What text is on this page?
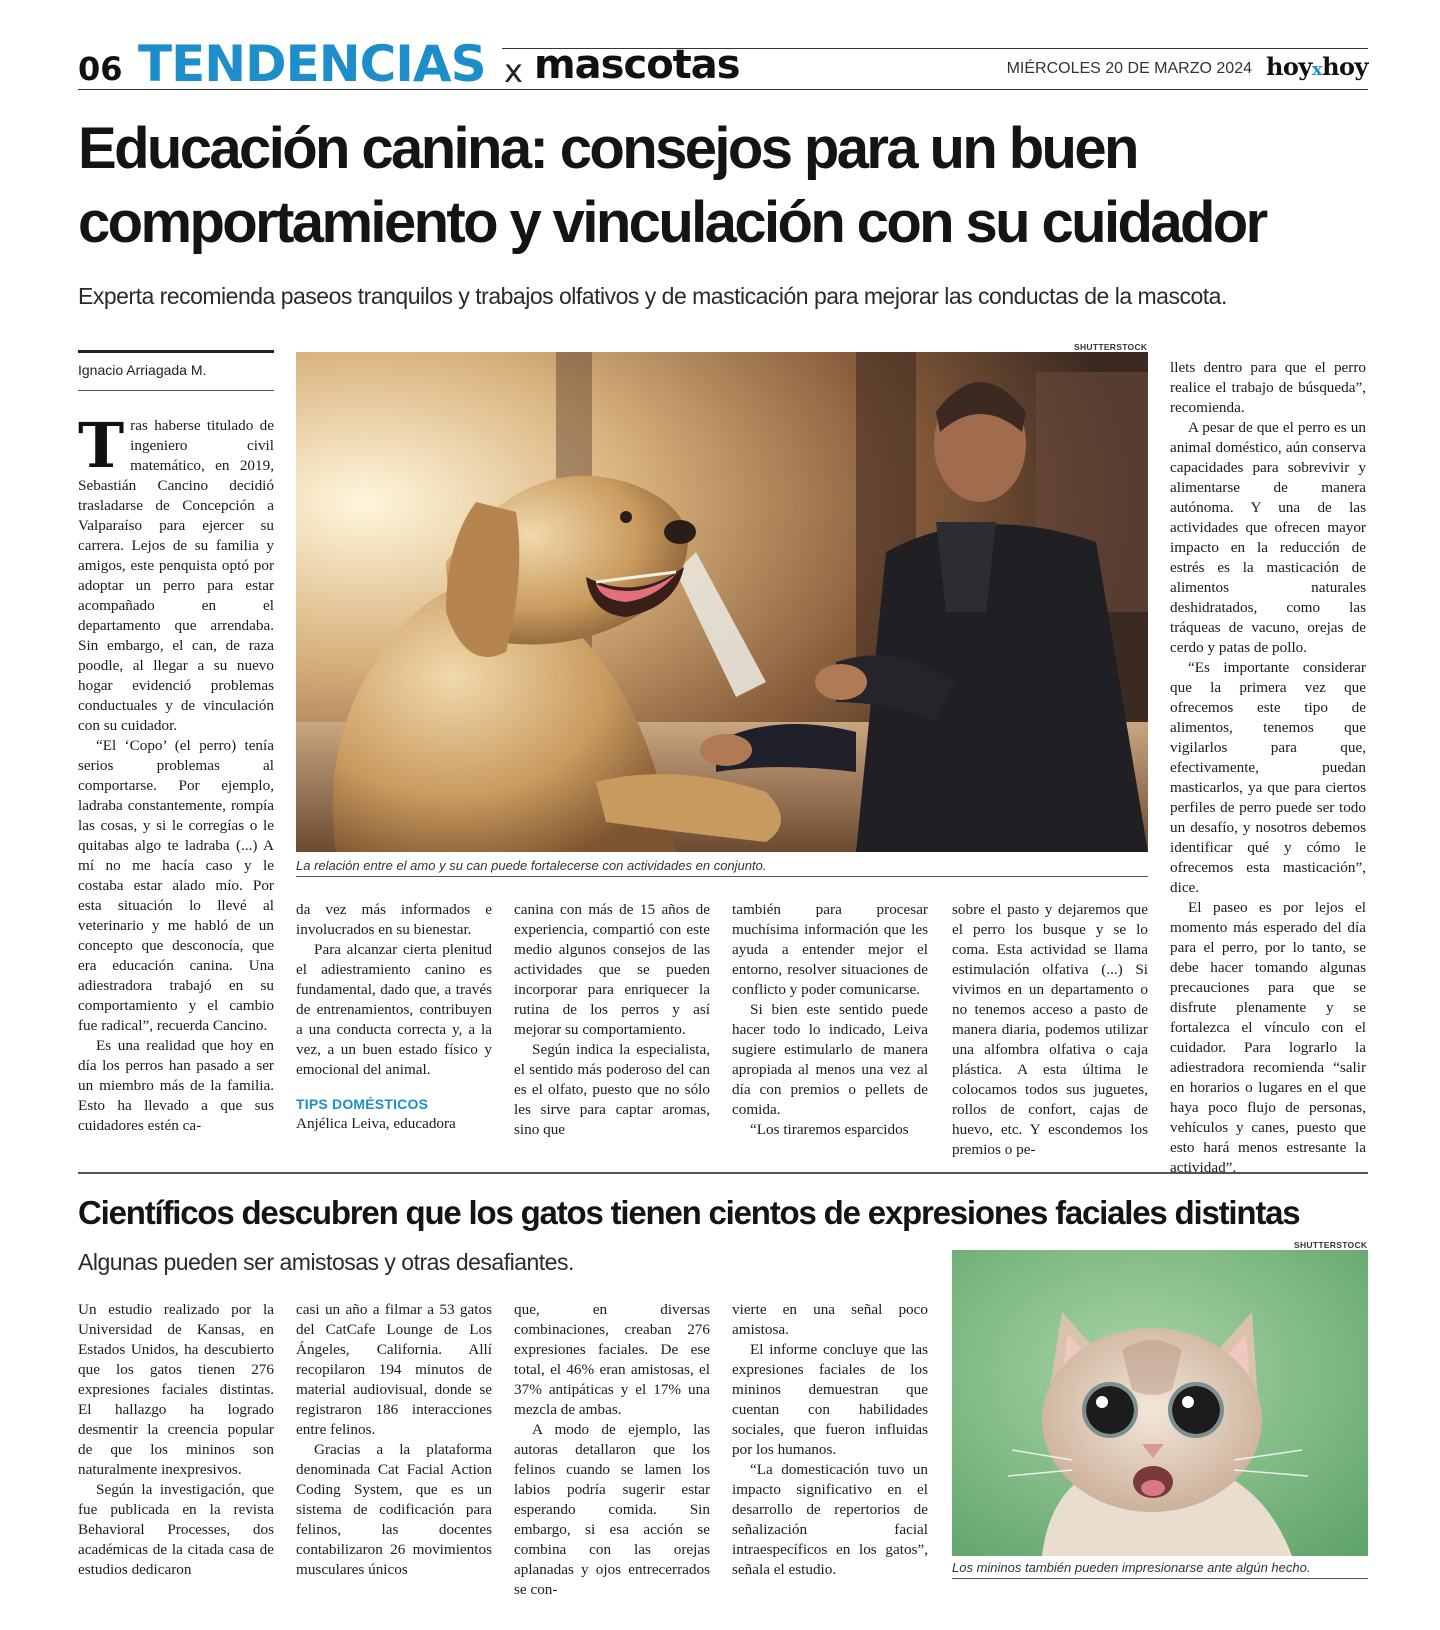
06 TENDENCIAS x mascotas	MIÉRCOLES 20 DE MARZO 2024 hoyxhoy
Educación canina: consejos para un buen
comportamiento y vinculación con su cuidador
Experta recomienda paseos tranquilos y trabajos olfativos y de masticación para mejorar las conductas de la mascota.
Ignacio Arriagada M.

Tras haberse titulado de ingeniero civil matemático, en 2019, Sebastián Cancino decidió trasladarse de Concepción a Valparaíso para ejercer su carrera. Lejos de su familia y amigos, este penquista optó por adoptar un perro para estar acompañado en el departamento que arrendaba. Sin embargo, el can, de raza poodle, al llegar a su nuevo hogar evidenció problemas conductuales y de vinculación con su cuidador.

“El ‘Copo’ (el perro) tenía serios problemas al comportarse. Por ejemplo, ladraba constantemente, rompía las cosas, y si le corregías o le quitabas algo te ladraba (...) A mí no me hacía caso y le costaba estar alado mío. Por esta situación lo llevé al veterinario y me habló de un concepto que desconocía, que era educación canina. Una adiestradora trabajó en su comportamiento y el cambio fue radical”, recuerda Cancino.

Es una realidad que hoy en día los perros han pasado a ser un miembro más de la familia. Esto ha llevado a que sus cuidadores estén ca-

SHUTTERSTOCK
La relación entre el amo y su can puede fortalecerse con actividades en conjunto.

da vez más informados e involucrados en su bienestar.

Para alcanzar cierta plenitud el adiestramiento canino es fundamental, dado que, a través de entrenamientos, contribuyen a una conducta correcta y, a la vez, a un buen estado físico y emocional del animal.

TIPS DOMÉSTICOS

Anjélica Leiva, educadora

canina con más de 15 años de experiencia, compartió con este medio algunos consejos de las actividades que se pueden incorporar para enriquecer la rutina de los perros y así mejorar su comportamiento.

Según indica la especialista, el sentido más poderoso del can es el olfato, puesto que no sólo les sirve para captar aromas, sino que

también para procesar muchísima información que les ayuda a entender mejor el entorno, resolver situaciones de conflicto y poder comunicarse.

Si bien este sentido puede hacer todo lo indicado, Leiva sugiere estimularlo de manera apropiada al menos una vez al día con premios o pellets de comida.

“Los tiraremos esparcidos

sobre el pasto y dejaremos que el perro los busque y se lo coma. Esta actividad se llama estimulación olfativa (...) Si vivimos en un departamento o no tenemos acceso a pasto de manera diaria, podemos utilizar una alfombra olfativa o caja plástica. A esta última le colocamos todos sus juguetes, rollos de confort, cajas de huevo, etc. Y escondemos los premios o pe-

llets dentro para que el perro realice el trabajo de búsqueda”, recomienda.

A pesar de que el perro es un animal doméstico, aún conserva capacidades para sobrevivir y alimentarse de manera autónoma. Y una de las actividades que ofrecen mayor impacto en la reducción de estrés es la masticación de alimentos naturales deshidratados, como las tráqueas de vacuno, orejas de cerdo y patas de pollo.

“Es importante considerar que la primera vez que ofrecemos este tipo de alimentos, tenemos que vigilarlos para que, efectivamente, puedan masticarlos, ya que para ciertos perfiles de perro puede ser todo un desafío, y nosotros debemos identificar qué y cómo le ofrecemos esta masticación”, dice.

El paseo es por lejos el momento más esperado del día para el perro, por lo tanto, se debe hacer tomando algunas precauciones para que se disfrute plenamente y se fortalezca el vínculo con el cuidador. Para lograrlo la adiestradora recomienda “salir en horarios o lugares en el que haya poco flujo de personas, vehículos y canes, puesto que esto hará menos estresante la actividad”.

Científicos descubren que los gatos tienen cientos de expresiones faciales distintas
Algunas pueden ser amistosas y otras desafiantes.

Un estudio realizado por la Universidad de Kansas, en Estados Unidos, ha descubierto que los gatos tienen 276 expresiones faciales distintas. El hallazgo ha logrado desmentir la creencia popular de que los mininos son naturalmente inexpresivos.

Según la investigación, que fue publicada en la revista Behavioral Processes, dos académicas de la citada casa de estudios dedicaron

casi un año a filmar a 53 gatos del CatCafe Lounge de Los Ángeles, California. Allí recopilaron 194 minutos de material audiovisual, donde se registraron 186 interacciones entre felinos.

Gracias a la plataforma denominada Cat Facial Action Coding System, que es un sistema de codificación para felinos, las docentes contabilizaron 26 movimientos musculares únicos

que, en diversas combinaciones, creaban 276 expresiones faciales. De ese total, el 46% eran amistosas, el 37% antipáticas y el 17% una mezcla de ambas.

A modo de ejemplo, las autoras detallaron que los felinos cuando se lamen los labios podría sugerir estar esperando comida. Sin embargo, si esa acción se combina con las orejas aplanadas y ojos entrecerrados se con-

vierte en una señal poco amistosa.

El informe concluye que las expresiones faciales de los mininos demuestran que cuentan con habilidades sociales, que fueron influidas por los humanos.

“La domesticación tuvo un impacto significativo en el desarrollo de repertorios de señalización facial intraespecíficos en los gatos”, señala el estudio.

SHUTTERSTOCK
Los mininos también pueden impresionarse ante algún hecho.
